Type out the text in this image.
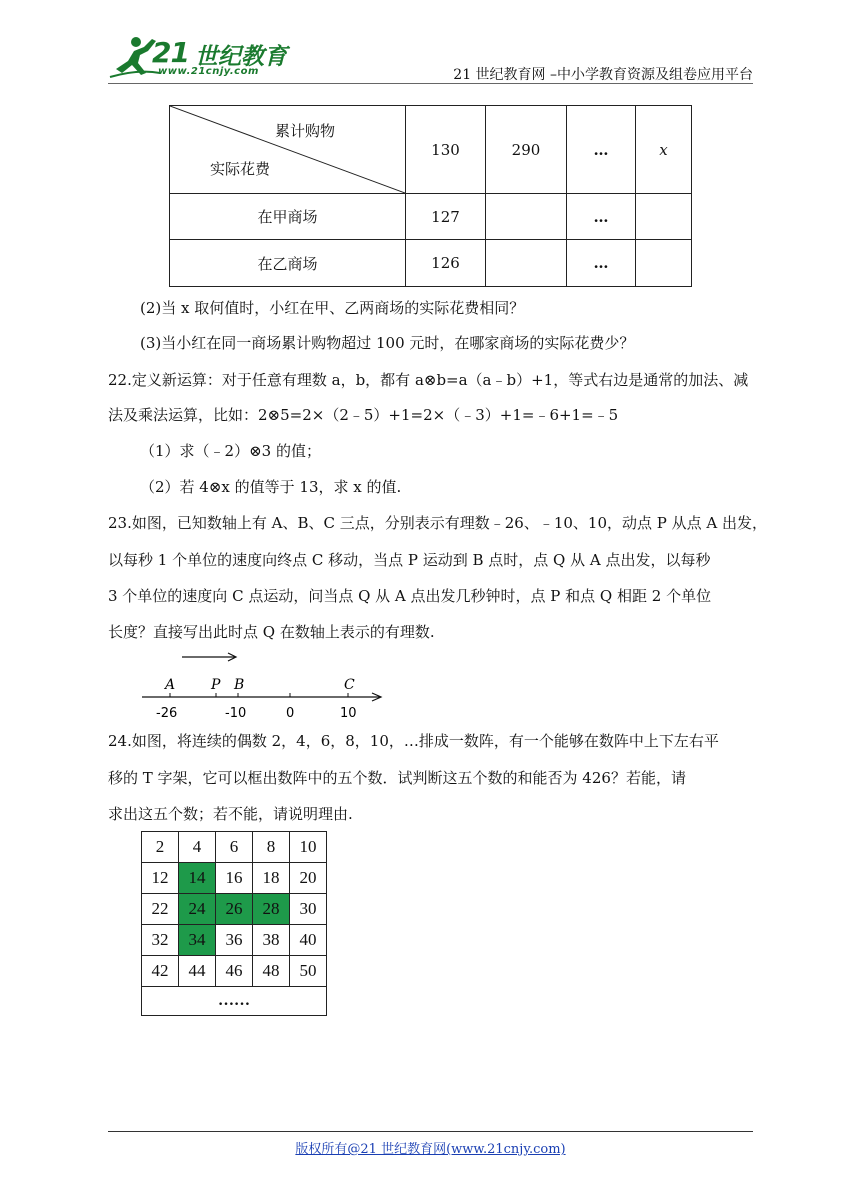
21 世纪教育
www.21cnjy.com	21 世纪教育网 –中小学教育资源及组卷应用平台
累计购物
实际花费	130	290	…	x
在甲商场	127		…	
在乙商场	126		…	
(2)当 x 取何值时，小红在甲、乙两商场的实际花费相同？
(3)当小红在同一商场累计购物超过 100 元时，在哪家商场的实际花费少？
22.定义新运算：对于任意有理数 a，b，都有 a⊗b=a（a﹣b）+1，等式右边是通常的加法、减
法及乘法运算，比如：2⊗5=2×（2﹣5）+1=2×（﹣3）+1=﹣6+1=﹣5
（1）求（﹣2）⊗3 的值；
（2）若 4⊗x 的值等于 13，求 x 的值.
23.如图，已知数轴上有 A、B、C 三点，分别表示有理数﹣26、﹣10、10，动点 P 从点 A 出发，
以每秒 1 个单位的速度向终点 C 移动，当点 P 运动到 B 点时，点 Q 从 A 点出发，以每秒
3 个单位的速度向 C 点运动，问当点 Q 从 A 点出发几秒钟时，点 P 和点 Q 相距 2 个单位
长度？直接写出此时点 Q 在数轴上表示的有理数.
A	P B	C
-26	-10	0	10
24.如图，将连续的偶数 2，4，6，8，10，…排成一数阵，有一个能够在数阵中上下左右平
移的 T 字架，它可以框出数阵中的五个数．试判断这五个数的和能否为 426？若能，请
求出这五个数；若不能，请说明理由.
2	4	6	8	10
12	14	16	18	20
22	24	26	28	30
32	34	36	38	40
42	44	46	48	50
……				
版权所有@21 世纪教育网(www.21cnjy.com)
